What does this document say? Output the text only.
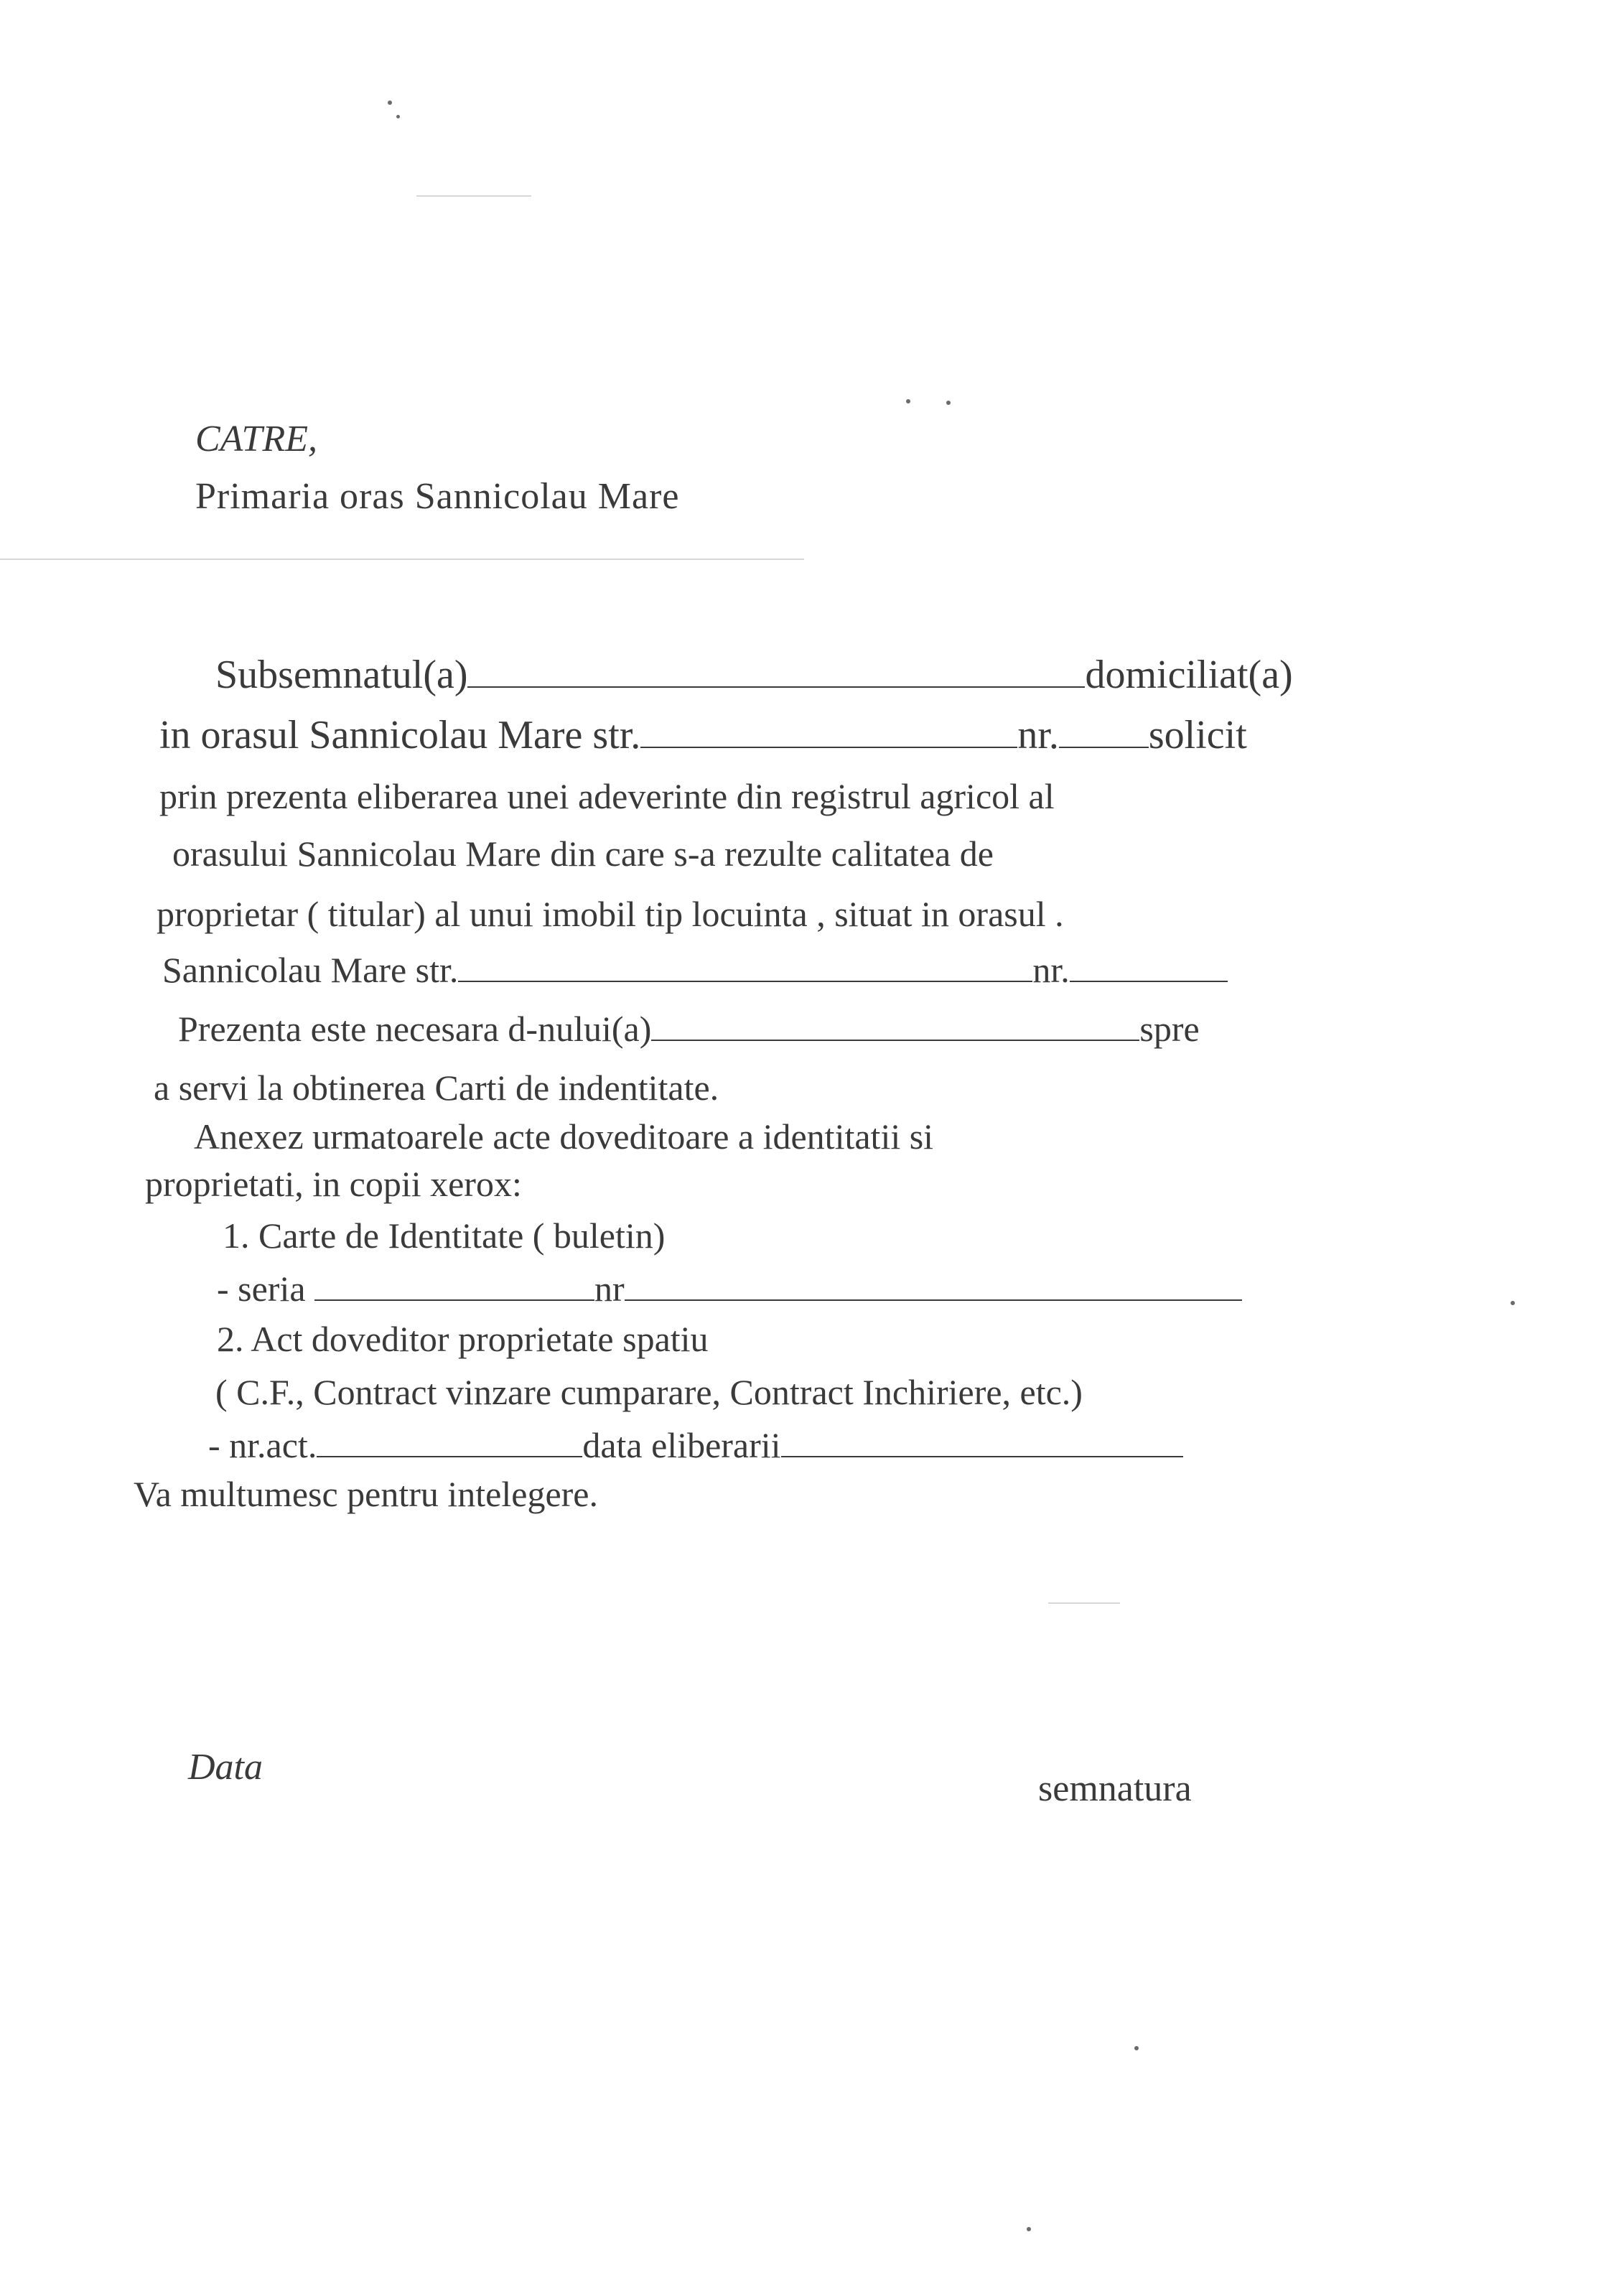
CATRE,
Primaria oras Sannicolau Mare
Subsemnatul(a)	domiciliat(a)
in orasul Sannicolau Mare str.	nr. solicit
prin prezenta eliberarea unei adeverinte din registrul agricol al
orasului Sannicolau Mare din care s-a rezulte calitatea de
proprietar ( titular) al unui imobil tip locuinta , situat in orasul .
Sannicolau Mare str.	nr.
Prezenta este necesara d-nului(a)	spre
a servi la obtinerea Carti de indentitate.
Anexez urmatoarele acte doveditoare a identitatii si
proprietati, in copii xerox:
1. Carte de Identitate ( buletin)
- seria	nr
2. Act doveditor proprietate spatiu
( C.F., Contract vinzare cumparare, Contract Inchiriere, etc.)
- nr.act.	data eliberarii
Va multumesc pentru intelegere.
Data
semnatura
